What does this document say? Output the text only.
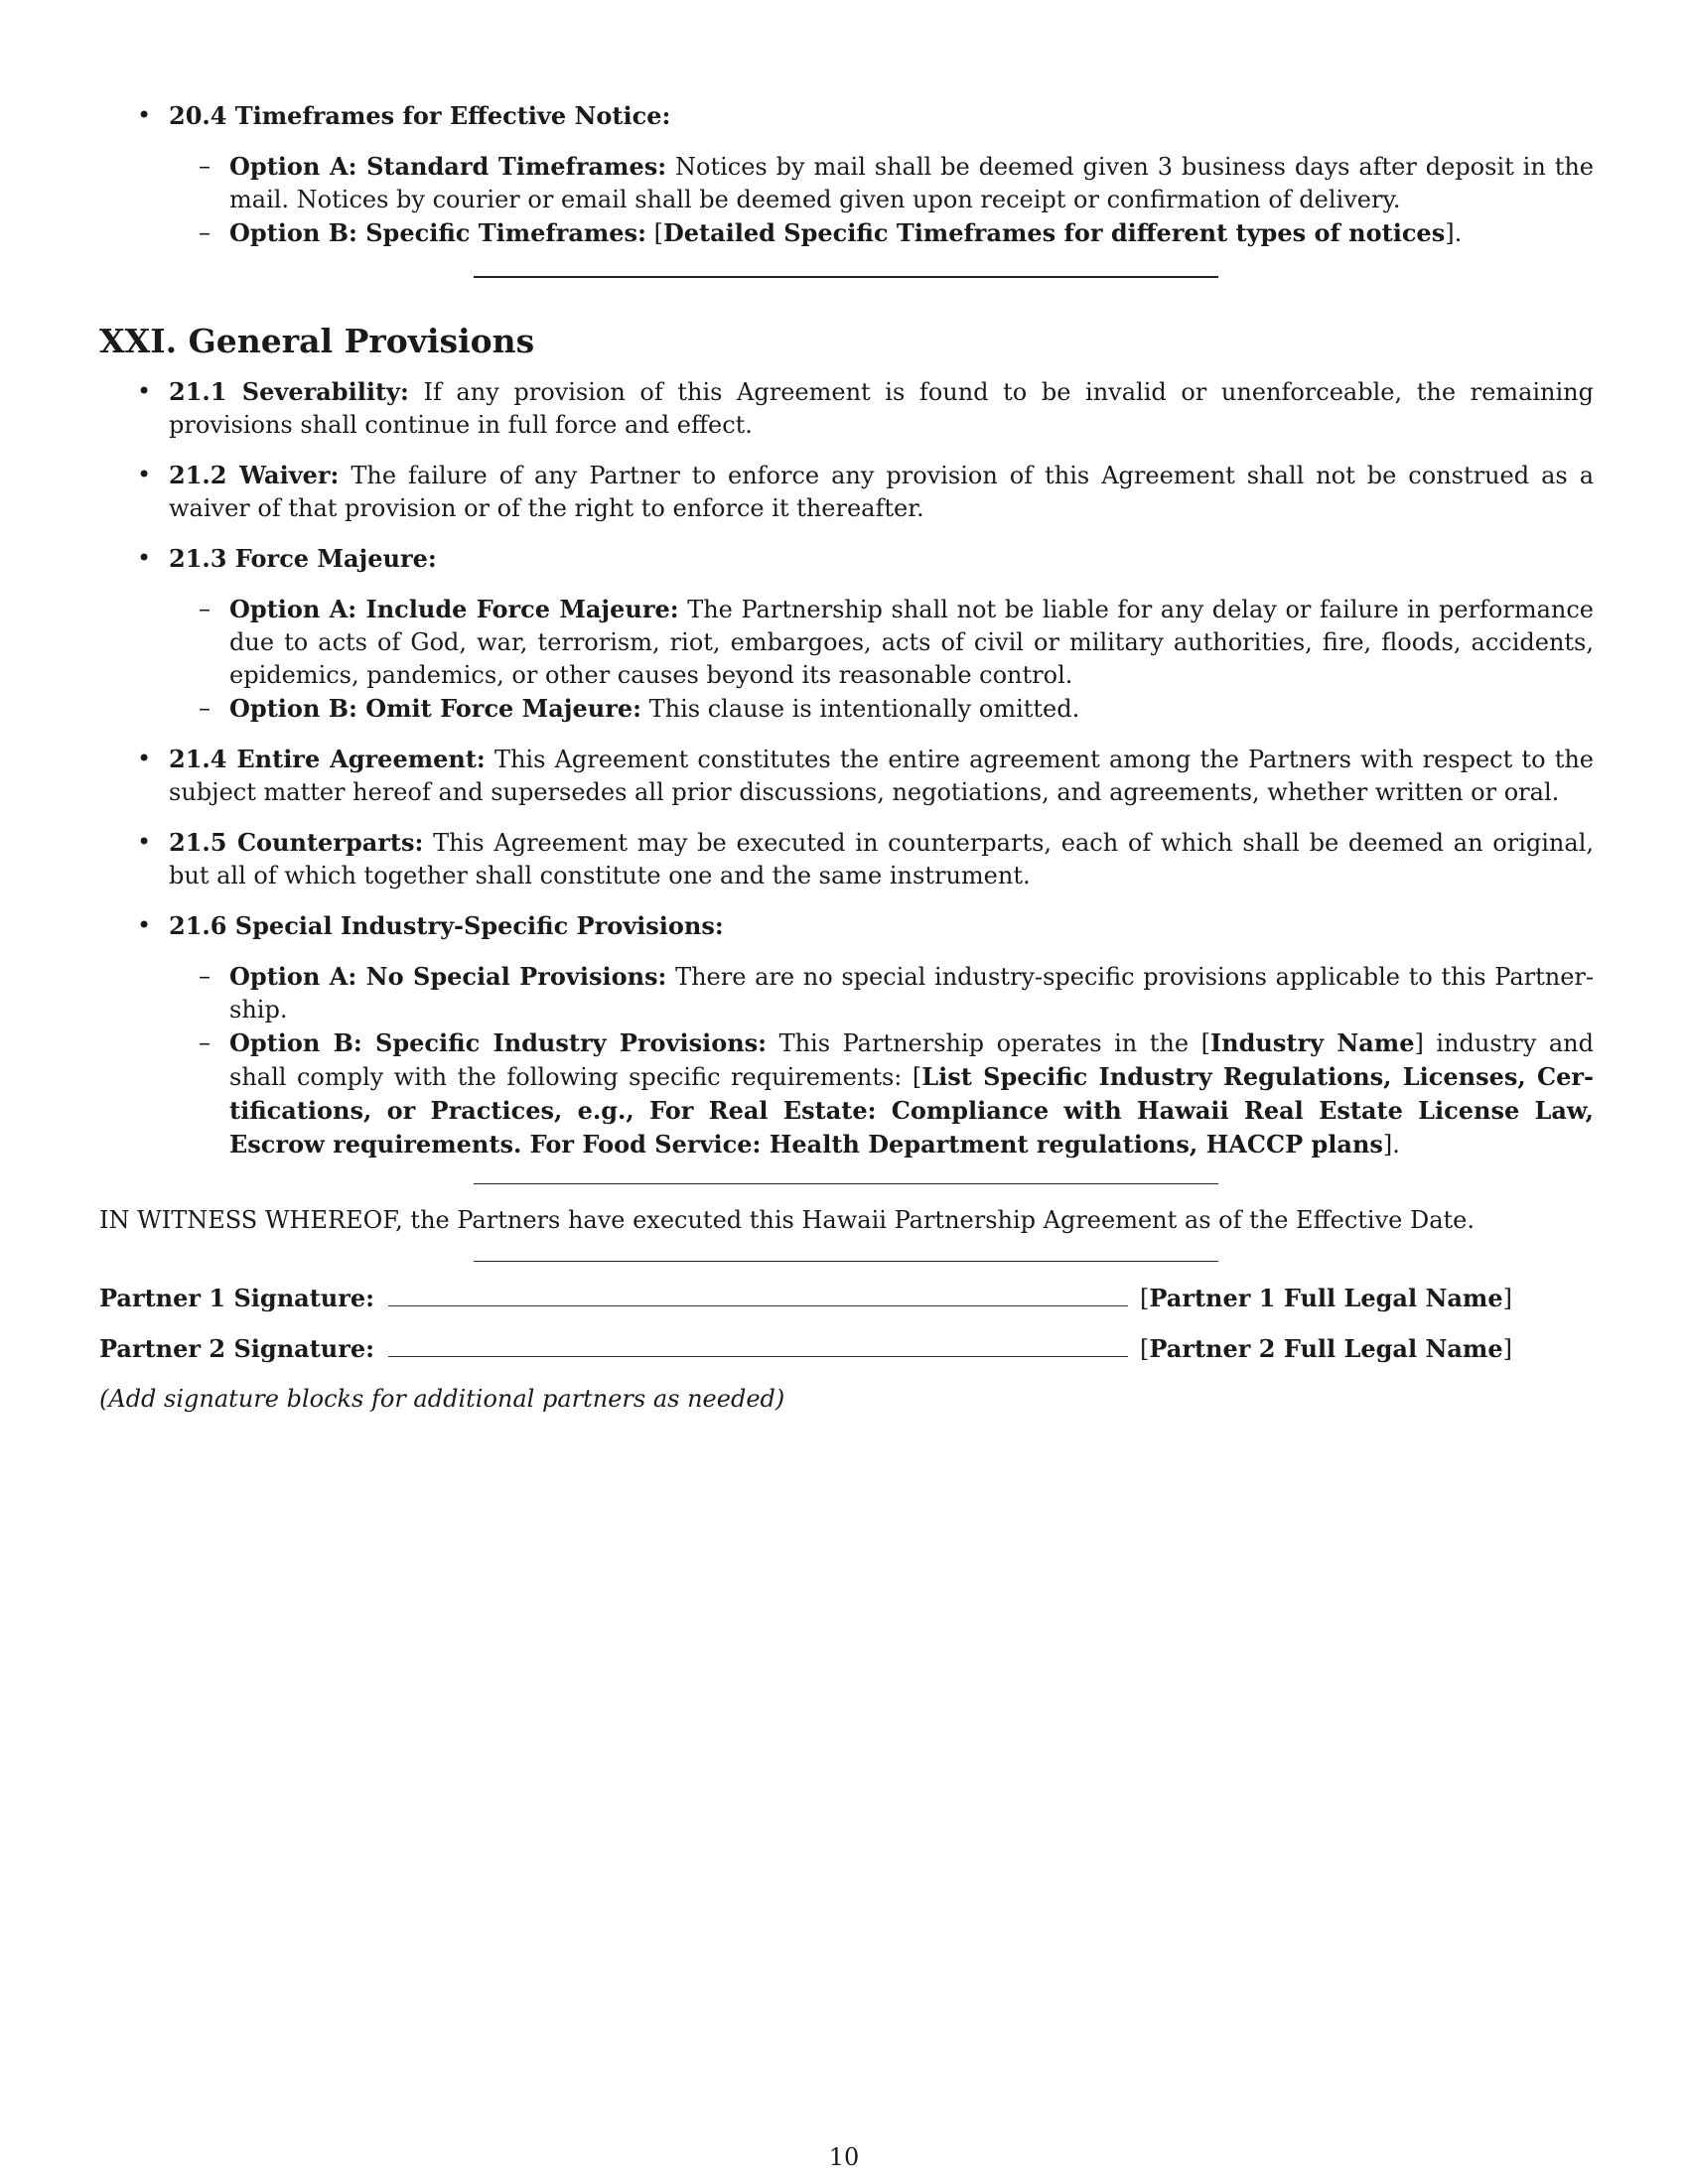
• 20.4 Timeframes for Effective Notice:
– Option A: Standard Timeframes: Notices by mail shall be deemed given 3 business days after deposit in the mail. Notices by courier or email shall be deemed given upon receipt or confirmation of delivery.
– Option B: Specific Timeframes: [Detailed Specific Timeframes for different types of notices].
XXI. General Provisions
• 21.1 Severability: If any provision of this Agreement is found to be invalid or unenforceable, the remaining provisions shall continue in full force and effect.
• 21.2 Waiver: The failure of any Partner to enforce any provision of this Agreement shall not be construed as a waiver of that provision or of the right to enforce it thereafter.
• 21.3 Force Majeure:
– Option A: Include Force Majeure: The Partnership shall not be liable for any delay or failure in performance due to acts of God, war, terrorism, riot, embargoes, acts of civil or military authorities, fire, floods, accidents, epidemics, pandemics, or other causes beyond its reasonable control.
– Option B: Omit Force Majeure: This clause is intentionally omitted.
• 21.4 Entire Agreement: This Agreement constitutes the entire agreement among the Partners with respect to the subject matter hereof and supersedes all prior discussions, negotiations, and agreements, whether written or oral.
• 21.5 Counterparts: This Agreement may be executed in counterparts, each of which shall be deemed an original, but all of which together shall constitute one and the same instrument.
• 21.6 Special Industry-Specific Provisions:
– Option A: No Special Provisions: There are no special industry-specific provisions applicable to this Partnership.
– Option B: Specific Industry Provisions: This Partnership operates in the [Industry Name] industry and shall comply with the following specific requirements: [List Specific Industry Regulations, Licenses, Certifications, or Practices, e.g., For Real Estate: Compliance with Hawaii Real Estate License Law, Escrow requirements. For Food Service: Health Department regulations, HACCP plans].

IN WITNESS WHEREOF, the Partners have executed this Hawaii Partnership Agreement as of the Effective Date.

Partner 1 Signature:	[ Partner 1 Full Legal Name ]
Partner 2 Signature:	[ Partner 2 Full Legal Name ]

(Add signature blocks for additional partners as needed)

10
